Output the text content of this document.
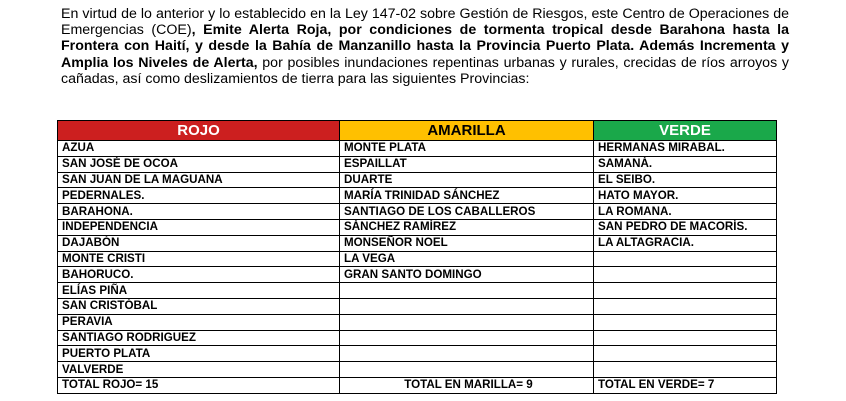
En virtud de lo anterior y lo establecido en la Ley 147-02 sobre Gestión de Riesgos, este Centro de Operaciones de Emergencias (COE), Emite Alerta Roja, por condiciones de tormenta tropical desde Barahona hasta la Frontera con Haití, y desde la Bahía de Manzanillo hasta la Provincia Puerto Plata. Además Incrementa y Amplia los Niveles de Alerta, por posibles inundaciones repentinas urbanas y rurales, crecidas de ríos arroyos y cañadas, así como deslizamientos de tierra para las siguientes Provincias:
ROJO	AMARILLA	VERDE
AZUA	MONTE PLATA	HERMANAS MIRABAL.
SAN JOSÉ DE OCOA	ESPAILLAT	SAMANÁ.
SAN JUAN DE LA MAGUANA	DUARTE	EL SEIBO.
PEDERNALES.	MARÍA TRINIDAD SÁNCHEZ	HATO MAYOR.
BARAHONA.	SANTIAGO DE LOS CABALLEROS	LA ROMANA.
INDEPENDENCIA	SÁNCHEZ RAMÍREZ	SAN PEDRO DE MACORÍS.
DAJABÓN	MONSEÑOR NOEL	LA ALTAGRACIA.
MONTE CRISTI	LA VEGA	
BAHORUCO.	GRAN SANTO DOMINGO	
ELÍAS PIÑA		
SAN CRISTÓBAL		
PERAVIA		
SANTIAGO RODRIGUEZ		
PUERTO PLATA		
VALVERDE		
TOTAL ROJO= 15	TOTAL EN MARILLA= 9	TOTAL EN VERDE= 7
